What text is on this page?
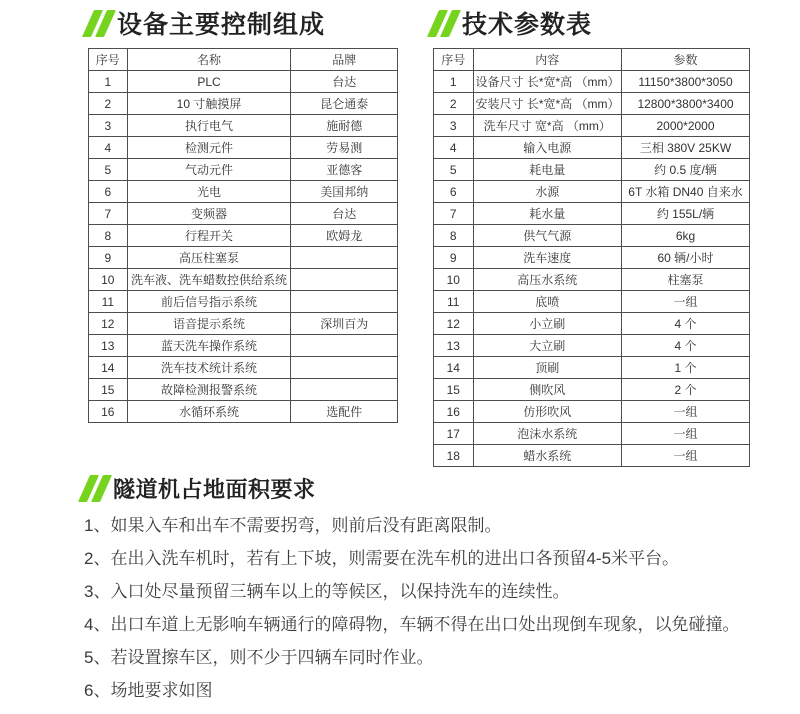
设备主要控制组成
序号	名称	品牌
1	PLC	台达
2	10 寸触摸屏	昆仑通泰
3	执行电气	施耐德
4	检测元件	劳易测
5	气动元件	亚德客
6	光电	美国邦纳
7	变频器	台达
8	行程开关	欧姆龙
9	高压柱塞泵	
10	洗车液、洗车蜡数控供给系统	
11	前后信号指示系统	
12	语音提示系统	深圳百为
13	蓝天洗车操作系统	
14	洗车技术统计系统	
15	故障检测报警系统	
16	水循环系统	选配件
技术参数表
序号	内容	参数
1	设备尺寸 长*宽*高 （mm）	11150*3800*3050
2	安装尺寸 长*宽*高 （mm）	12800*3800*3400
3	洗车尺寸 宽*高 （mm）	2000*2000
4	输入电源	三相 380V 25KW
5	耗电量	约 0.5 度/辆
6	水源	6T 水箱 DN40 自来水
7	耗水量	约 155L/辆
8	供气气源	6kg
9	洗车速度	60 辆/小时
10	高压水系统	柱塞泵
11	底喷	一组
12	小立刷	4 个
13	大立刷	4 个
14	顶刷	1 个
15	侧吹风	2 个
16	仿形吹风	一组
17	泡沫水系统	一组
18	蜡水系统	一组
隧道机占地面积要求
1、如果入车和出车不需要拐弯，则前后没有距离限制。
2、在出入洗车机时，若有上下坡，则需要在洗车机的进出口各预留4-5米平台。
3、入口处尽量预留三辆车以上的等候区，以保持洗车的连续性。
4、出口车道上无影响车辆通行的障碍物，车辆不得在出口处出现倒车现象，以免碰撞。
5、若设置擦车区，则不少于四辆车同时作业。
6、场地要求如图
